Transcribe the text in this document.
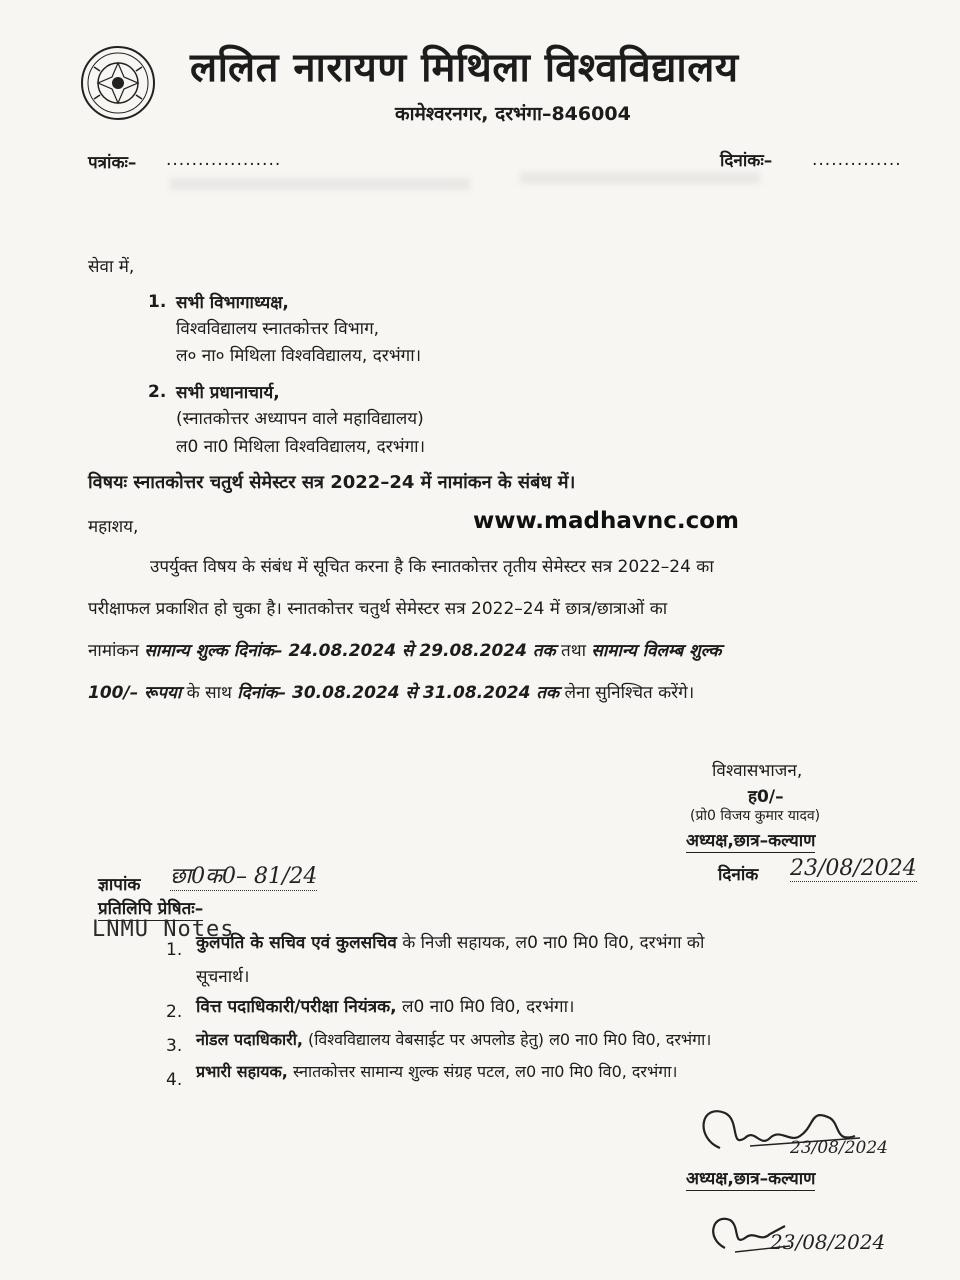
ललित नारायण मिथिला विश्वविद्यालय
कामेश्वरनगर, दरभंगा–846004
पत्रांकः– ..................	दिनांकः– ..............
सेवा में,
1. सभी विभागाध्यक्ष,
विश्वविद्यालय स्नातकोत्तर विभाग,
ल० ना० मिथिला विश्वविद्यालय, दरभंगा।
2. सभी प्रधानाचार्य,
(स्नातकोत्तर अध्यापन वाले महाविद्यालय)
ल0 ना0 मिथिला विश्वविद्यालय, दरभंगा।
विषयः स्नातकोत्तर चतुर्थ सेमेस्टर सत्र 2022–24 में नामांकन के संबंध में।
महाशय,	www.madhavnc.com
उपर्युक्त विषय के संबंध में सूचित करना है कि स्नातकोत्तर तृतीय सेमेस्टर सत्र 2022–24 का
परीक्षाफल प्रकाशित हो चुका है। स्नातकोत्तर चतुर्थ सेमेस्टर सत्र 2022–24 में छात्र/छात्राओं का
नामांकन सामान्य शुल्क दिनांक– 24.08.2024 से 29.08.2024 तक तथा सामान्य विलम्ब शुल्क
100/– रूपया के साथ दिनांक– 30.08.2024 से 31.08.2024 तक लेना सुनिश्चित करेंगे।
विश्वासभाजन,
ह0/–
(प्रो0 विजय कुमार यादव)
अध्यक्ष,छात्र–कल्याण
ज्ञापांक छा0क0– 81/24	दिनांक 23/08/2024
प्रतिलिपि प्रेषितः–
LNMU Notes
1. कुलपति के सचिव एवं कुलसचिव के निजी सहायक, ल0 ना0 मि0 वि0, दरभंगा को
सूचनार्थ।
2. वित्त पदाधिकारी/परीक्षा नियंत्रक, ल0 ना0 मि0 वि0, दरभंगा।
3. नोडल पदाधिकारी, (विश्वविद्यालय वेबसाईट पर अपलोड हेतु) ल0 ना0 मि0 वि0, दरभंगा।
4. प्रभारी सहायक, स्नातकोत्तर सामान्य शुल्क संग्रह पटल, ल0 ना0 मि0 वि0, दरभंगा।
23/08/2024
अध्यक्ष,छात्र–कल्याण
23/08/2024
